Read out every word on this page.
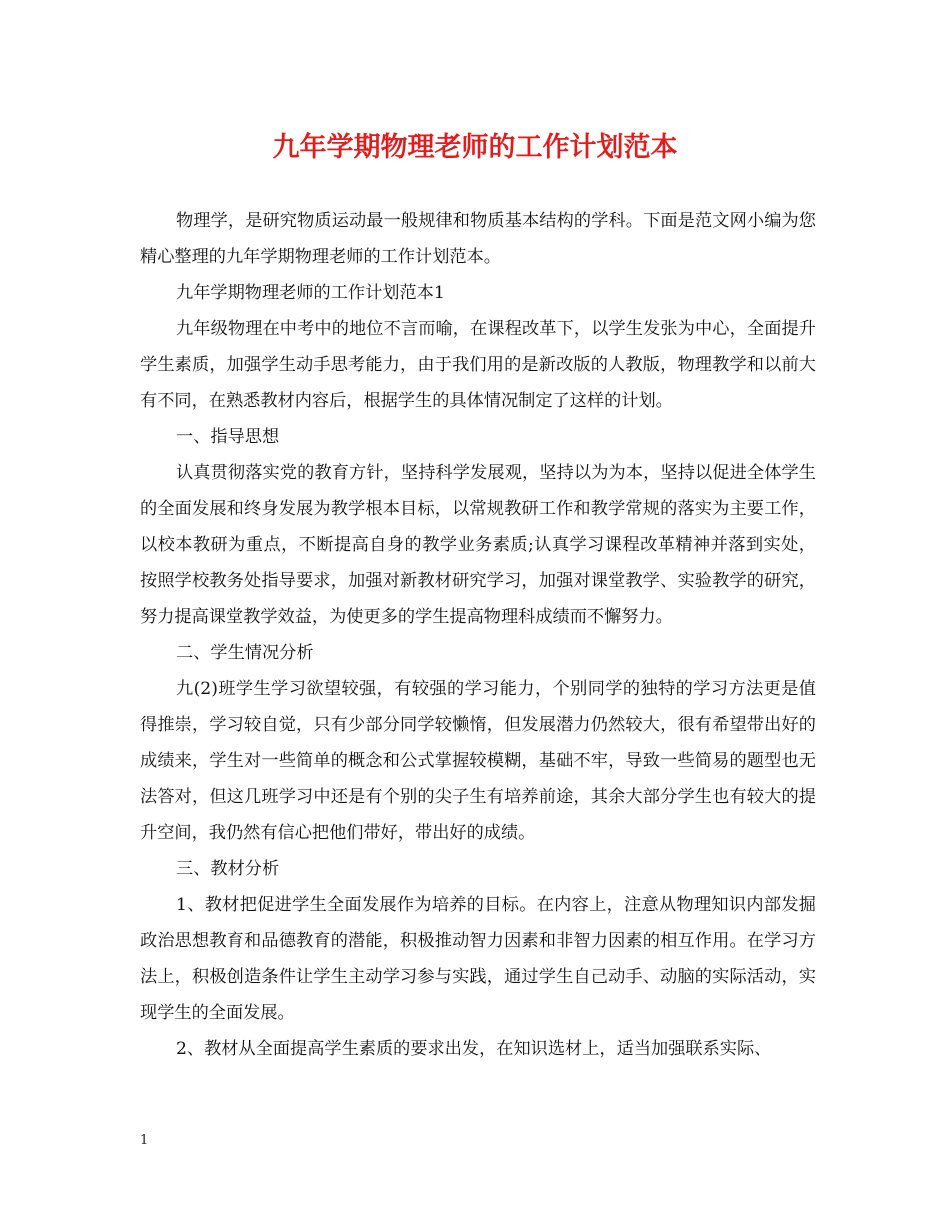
九年学期物理老师的工作计划范本

物理学，是研究物质运动最一般规律和物质基本结构的学科。下面是范文网小编为您精心整理的九年学期物理老师的工作计划范本。

九年学期物理老师的工作计划范本1

九年级物理在中考中的地位不言而喻，在课程改革下，以学生发张为中心，全面提升学生素质，加强学生动手思考能力，由于我们用的是新改版的人教版，物理教学和以前大有不同，在熟悉教材内容后，根据学生的具体情况制定了这样的计划。

一、指导思想

认真贯彻落实党的教育方针，坚持科学发展观，坚持以为为本，坚持以促进全体学生的全面发展和终身发展为教学根本目标，以常规教研工作和教学常规的落实为主要工作，以校本教研为重点，不断提高自身的教学业务素质;认真学习课程改革精神并落到实处，按照学校教务处指导要求，加强对新教材研究学习，加强对课堂教学、实验教学的研究，努力提高课堂教学效益，为使更多的学生提高物理科成绩而不懈努力。

二、学生情况分析

九(2)班学生学习欲望较强，有较强的学习能力，个别同学的独特的学习方法更是值得推崇，学习较自觉，只有少部分同学较懒惰，但发展潜力仍然较大，很有希望带出好的成绩来，学生对一些简单的概念和公式掌握较模糊，基础不牢，导致一些简易的题型也无法答对，但这几班学习中还是有个别的尖子生有培养前途，其余大部分学生也有较大的提升空间，我仍然有信心把他们带好，带出好的成绩。

三、教材分析

1、教材把促进学生全面发展作为培养的目标。在内容上，注意从物理知识内部发掘政治思想教育和品德教育的潜能，积极推动智力因素和非智力因素的相互作用。在学习方法上，积极创造条件让学生主动学习参与实践，通过学生自己动手、动脑的实际活动，实现学生的全面发展。

2、教材从全面提高学生素质的要求出发，在知识选材上，适当加强联系实际、

1
